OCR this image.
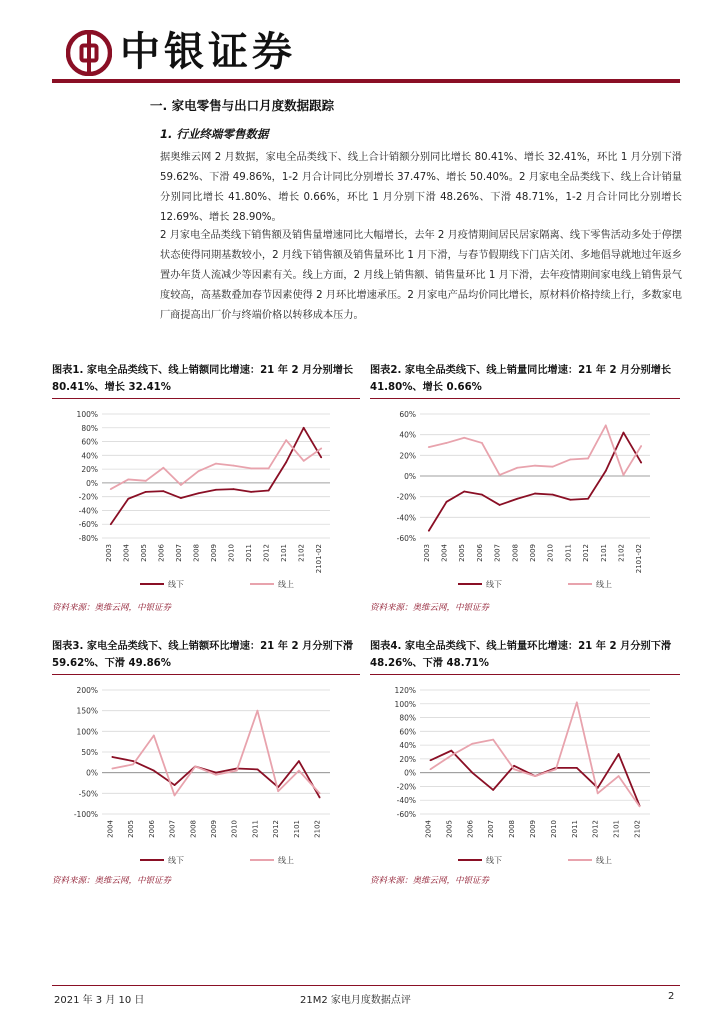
中银证券
一. 家电零售与出口月度数据跟踪
1. 行业终端零售数据
据奥维云网 2 月数据，家电全品类线下、线上合计销额分别同比增长 80.41%、增长 32.41%，环比 1 月分别下滑 59.62%、下滑 49.86%，1-2 月合计同比分别增长 37.47%、增长 50.40%。2 月家电全品类线下、线上合计销量分别同比增长 41.80%、增长 0.66%，环比 1 月分别下滑 48.26%、下滑 48.71%，1-2 月合计同比分别增长 12.69%、增长 28.90%。
2 月家电全品类线下销售额及销售量增速同比大幅增长，去年 2 月疫情期间居民居家隔离、线下零售活动多处于停摆状态使得同期基数较小，2 月线下销售额及销售量环比 1 月下滑，与春节假期线下门店关闭、多地倡导就地过年返乡置办年货人流减少等因素有关。线上方面，2 月线上销售额、销售量环比 1 月下滑，去年疫情期间家电线上销售景气度较高，高基数叠加春节因素使得 2 月环比增速承压。2 月家电产品均价同比增长，原材料价格持续上行，多数家电厂商提高出厂价与终端价格以转移成本压力。
图表1. 家电全品类线下、线上销额同比增速：21 年 2 月分别增长 80.41%、增长 32.41%
-80%
-60%
-40%
-20%
0%
20%
40%
60%
80%
100%
2003 2004 2005 2006 2007 2008 2009 2010 2011 2012 2101 2102 2101-02
线下	线上
资料来源：奥维云网，中银证券
图表2. 家电全品类线下、线上销量同比增速：21 年 2 月分别增长 41.80%、增长 0.66%
-60%
-40%
-20%
0%
20%
40%
60%
2003 2004 2005 2006 2007 2008 2009 2010 2011 2012 2101 2102 2101-02
线下	线上
资料来源：奥维云网，中银证券
图表3. 家电全品类线下、线上销额环比增速：21 年 2 月分别下滑 59.62%、下滑 49.86%
-100%
-50%
0%
50%
100%
150%
200%
2004 2005 2006 2007 2008 2009 2010 2011 2012 2101 2102
线下	线上
资料来源：奥维云网，中银证券
图表4. 家电全品类线下、线上销量环比增速：21 年 2 月分别下滑 48.26%、下滑 48.71%
-60%
-40%
-20%
0%
20%
40%
60%
80%
100%
120%
2004 2005 2006 2007 2008 2009 2010 2011 2012 2101 2102
线下	线上
资料来源：奥维云网，中银证券
2021 年 3 月 10 日	21M2 家电月度数据点评	2
